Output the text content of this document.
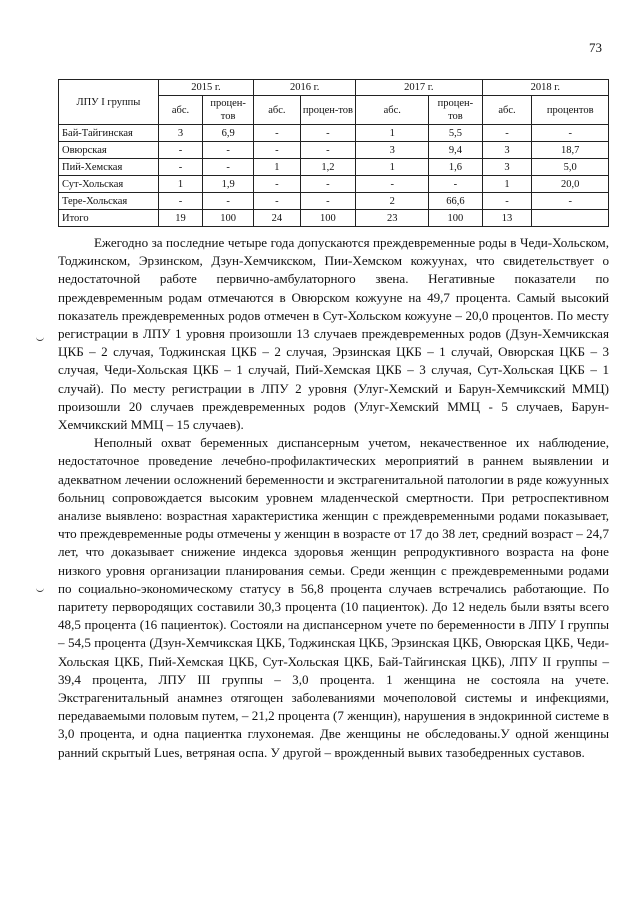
73
ЛПУ I группы	2015 г.		2016 г.		2017 г.		2018 г.	
	абс.	процен-тов	абс.	процен-тов	абс.	процен-тов	абс.	процентов
Бай-Тайгинская	3	6,9	-	-	1	5,5	-	-
Овюрская	-	-	-	-	3	9,4	3	18,7
Пий-Хемская	-	-	1	1,2	1	1,6	3	5,0
Сут-Хольская	1	1,9	-	-	-	-	1	20,0
Тере-Хольская	-	-	-	-	2	66,6	-	-
Итого	19	100	24	100	23	100	13	

Ежегодно за последние четыре года допускаются преждевременные роды в Чеди-Хольском, Тоджинском, Эрзинском, Дзун-Хемчикском, Пии-Хемском кожуунах, что свидетельствует о недостаточной работе первично-амбулаторного звена. Негативные показатели по преждевременным родам отмечаются в Овюрском кожууне на 49,7 процента. Самый высокий показатель преждевременных родов отмечен в Сут-Хольском кожууне – 20,0 процентов. По месту регистрации в ЛПУ 1 уровня произошли 13 случаев преждевременных родов (Дзун-Хемчикская ЦКБ – 2 случая, Тоджинская ЦКБ – 2 случая, Эрзинская ЦКБ – 1 случай, Овюрская ЦКБ – 3 случая, Чеди-Хольская ЦКБ – 1 случай, Пий-Хемская ЦКБ – 3 случая, Сут-Хольская ЦКБ – 1 случай). По месту регистрации в ЛПУ 2 уровня (Улуг-Хемский и Барун-Хемчикский ММЦ) произошли 20 случаев преждевременных родов (Улуг-Хемский ММЦ - 5 случаев, Барун-Хемчикский ММЦ – 15 случаев).

Неполный охват беременных диспансерным учетом, некачественное их наблюдение, недостаточное проведение лечебно-профилактических мероприятий в раннем выявлении и адекватном лечении осложнений беременности и экстрагенитальной патологии в ряде кожуунных больниц сопровождается высоким уровнем младенческой смертности. При ретроспективном анализе выявлено: возрастная характеристика женщин с преждевременными родами показывает, что преждевременные роды отмечены у женщин в возрасте от 17 до 38 лет, средний возраст – 24,7 лет, что доказывает снижение индекса здоровья женщин репродуктивного возраста на фоне низкого уровня организации планирования семьи. Среди женщин с преждевременными родами по социально-экономическому статусу в 56,8 процента случаев встречались работающие. По паритету первородящих составили 30,3 процента (10 пациенток). До 12 недель были взяты всего 48,5 процента (16 пациенток). Состояли на диспансерном учете по беременности в ЛПУ I группы – 54,5 процента (Дзун-Хемчикская ЦКБ, Тоджинская ЦКБ, Эрзинская ЦКБ, Овюрская ЦКБ, Чеди-Хольская ЦКБ, Пий-Хемская ЦКБ, Сут-Хольская ЦКБ, Бай-Тайгинская ЦКБ), ЛПУ II группы – 39,4 процента, ЛПУ III группы – 3,0 процента. 1 женщина не состояла на учете. Экстрагенитальный анамнез отягощен заболеваниями мочеполовой системы и инфекциями, передаваемыми половым путем, – 21,2 процента (7 женщин), нарушения в эндокринной системе в 3,0 процента, и одна пациентка глухонемая. Две женщины не обследованы.У одной женщины ранний скрытый Lues, ветряная оспа. У другой – врожденный вывих тазобедренных суставов.
